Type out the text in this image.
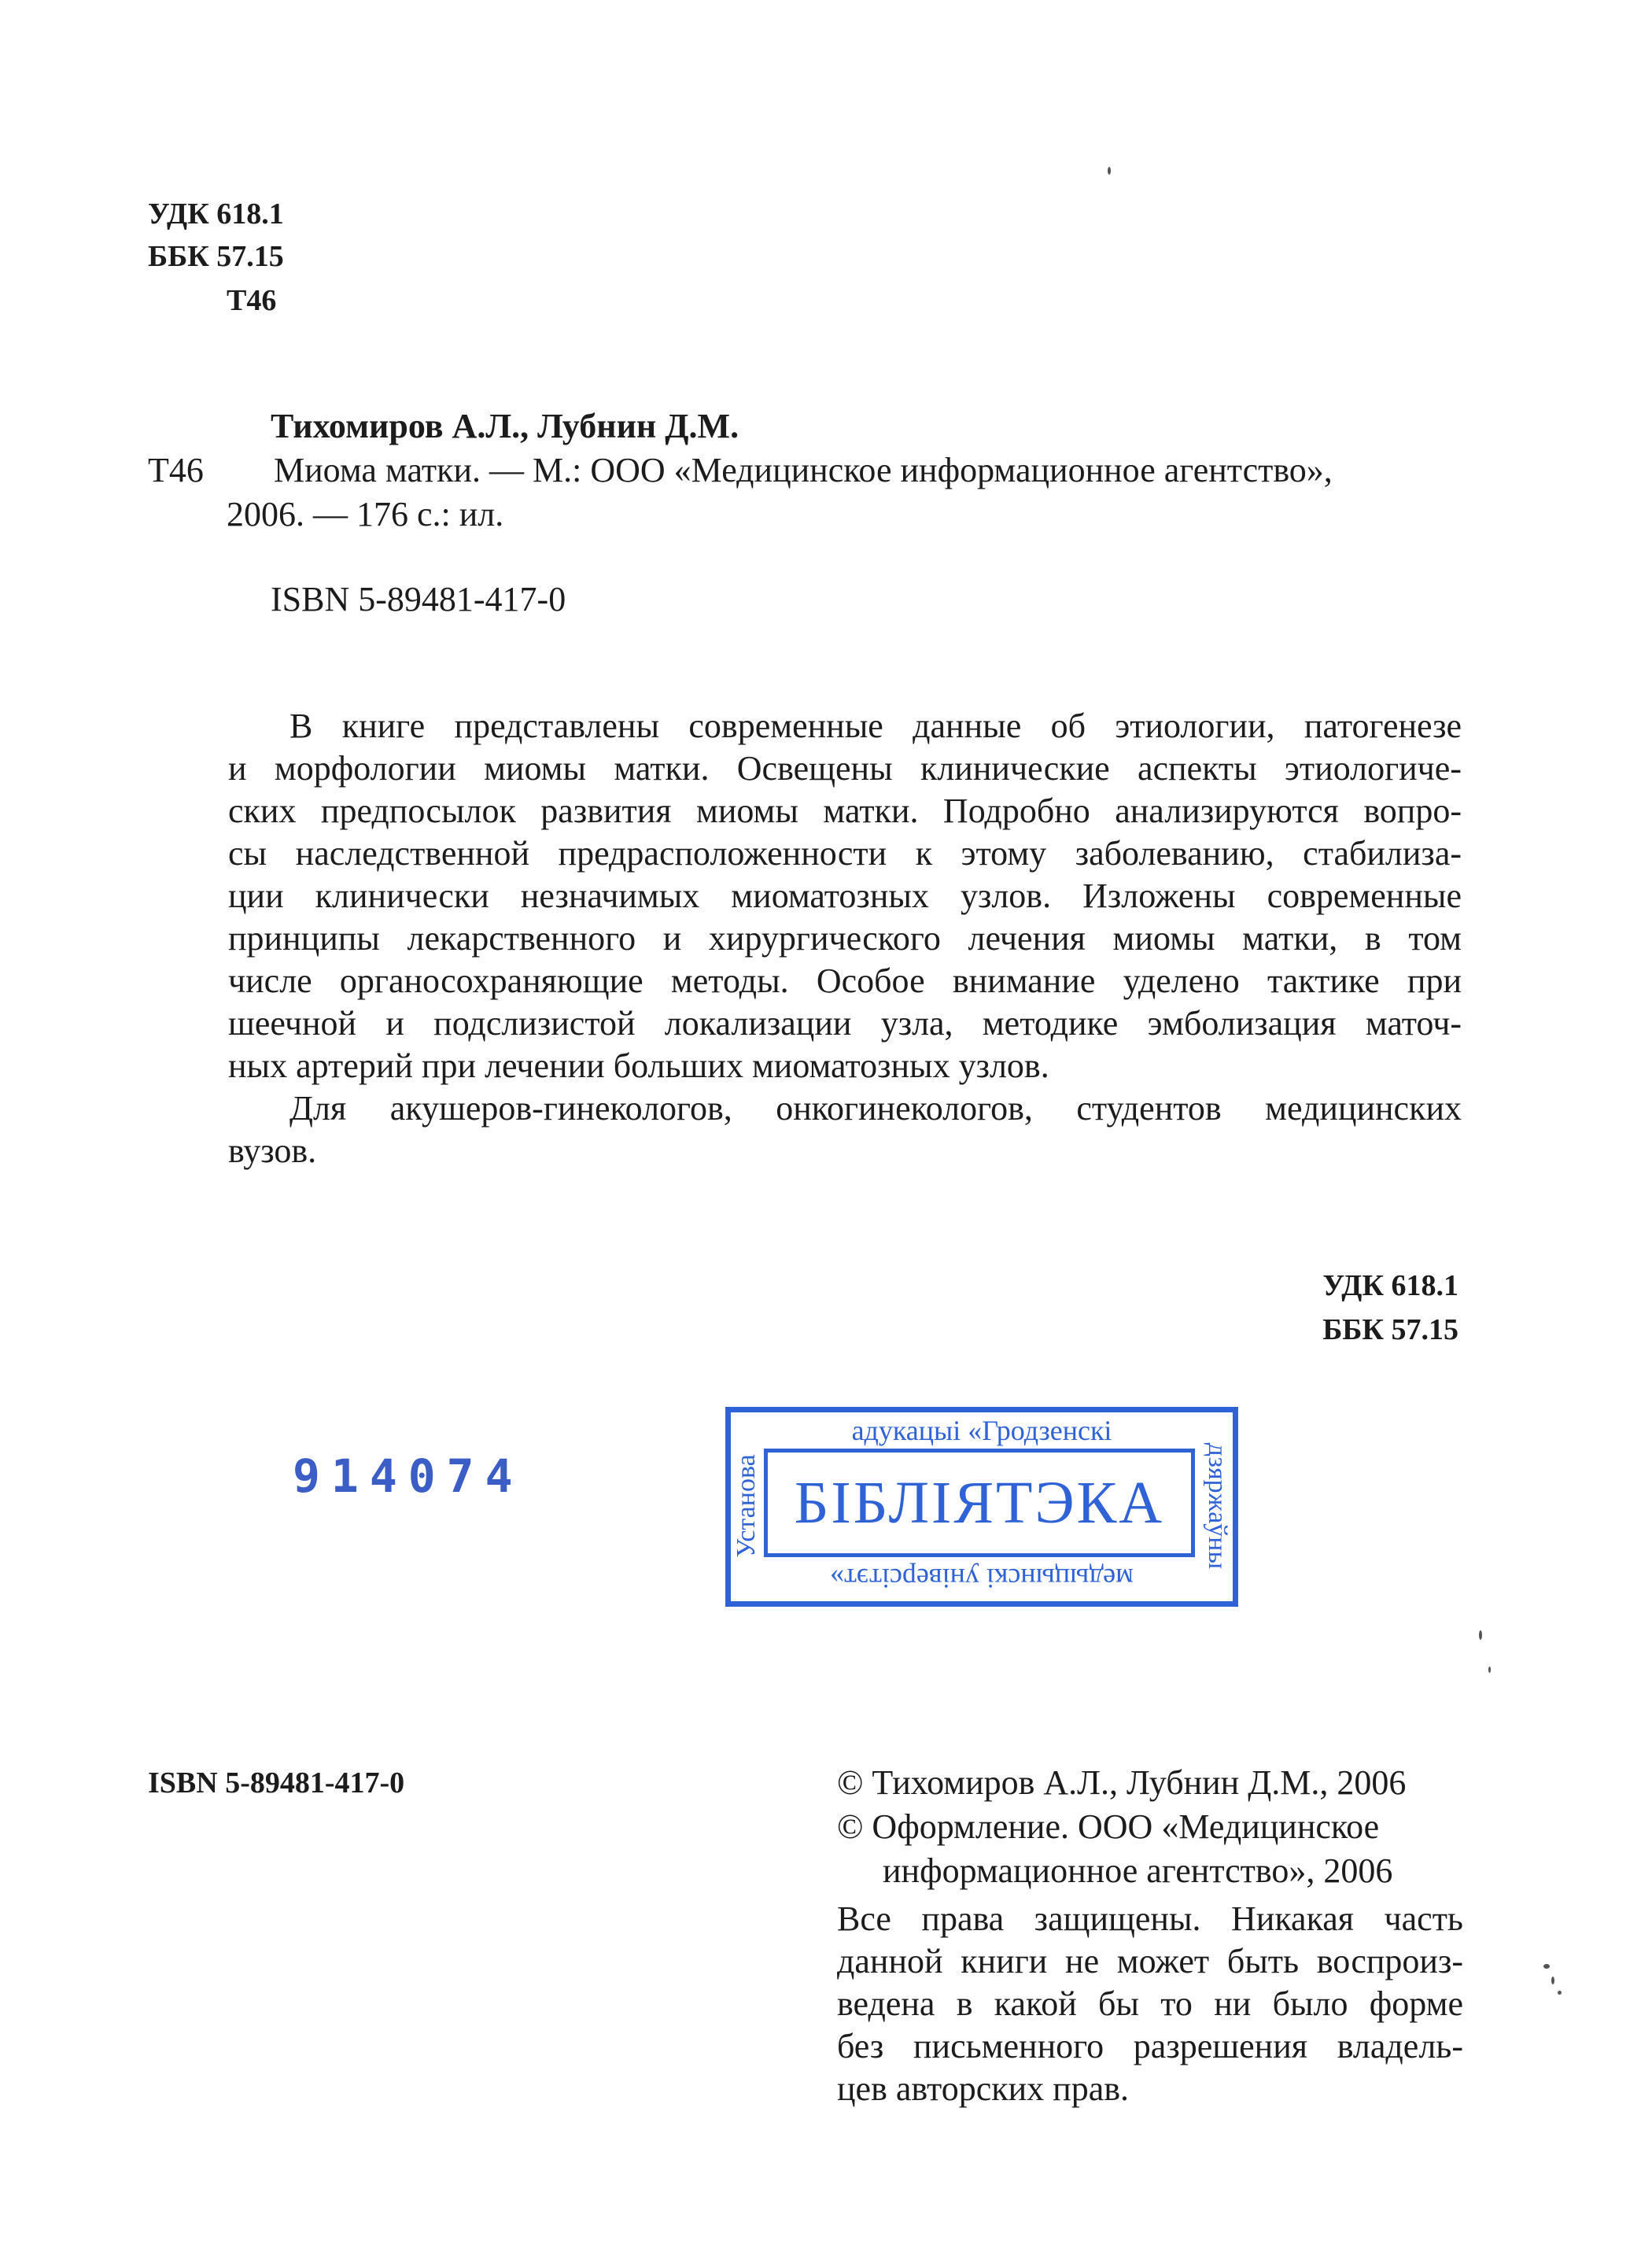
УДК 618.1
ББК 57.15
Т46
Тихомиров А.Л., Лубнин Д.М.
Т46 Миома матки. — М.: ООО «Медицинское информационное агентство»,
2006. — 176 с.: ил.
ISBN 5-89481-417-0
В книге представлены современные данные об этиологии, патогенезе
и морфологии миомы матки. Освещены клинические аспекты этиологиче-
ских предпосылок развития миомы матки. Подробно анализируются вопро-
сы наследственной предрасположенности к этому заболеванию, стабилиза-
ции клинически незначимых миоматозных узлов. Изложены современные
принципы лекарственного и хирургического лечения миомы матки, в том
числе органосохраняющие методы. Особое внимание уделено тактике при
шеечной и подслизистой локализации узла, методике эмболизация маточ-
ных артерий при лечении больших миоматозных узлов.
Для акушеров-гинекологов, онкогинекологов, студентов медицинских
вузов.
УДК 618.1
ББК 57.15
914074
адукацыі «Гродзенскі
Установа	дзяржаўны
БІБЛІЯТЭКА
медыцынскі універсітэт»
ISBN 5-89481-417-0	© Тихомиров А.Л., Лубнин Д.М., 2006
© Оформление. ООО «Медицинское
информационное агентство», 2006
Все права защищены. Никакая часть
данной книги не может быть воспроиз-
ведена в какой бы то ни было форме
без письменного разрешения владель-
цев авторских прав.
